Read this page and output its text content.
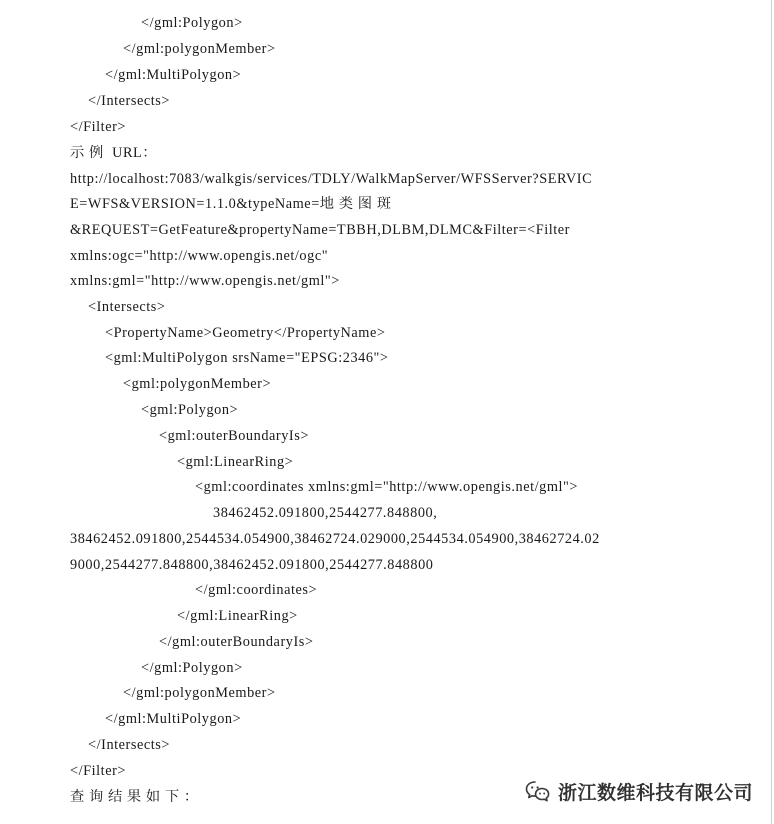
</gml:Polygon>
</gml:polygonMember>
</gml:MultiPolygon>
</Intersects>
</Filter>
示 例  URL：
http://localhost:7083/walkgis/services/TDLY/WalkMapServer/WFSServer?SERVIC
E=WFS&VERSION=1.1.0&typeName=地 类 图 斑
&REQUEST=GetFeature&propertyName=TBBH,DLBM,DLMC&Filter=<Filter
xmlns:ogc="http://www.opengis.net/ogc"
xmlns:gml="http://www.opengis.net/gml">
<Intersects>
<PropertyName>Geometry</PropertyName>
<gml:MultiPolygon srsName="EPSG:2346">
<gml:polygonMember>
<gml:Polygon>
<gml:outerBoundaryIs>
<gml:LinearRing>
<gml:coordinates xmlns:gml="http://www.opengis.net/gml">
38462452.091800,2544277.848800,
38462452.091800,2544534.054900,38462724.029000,2544534.054900,38462724.02
9000,2544277.848800,38462452.091800,2544277.848800
</gml:coordinates>
</gml:LinearRing>
</gml:outerBoundaryIs>
</gml:Polygon>
</gml:polygonMember>
</gml:MultiPolygon>
</Intersects>
</Filter>
查 询 结 果 如 下 ：	浙江数维科技有限公司
